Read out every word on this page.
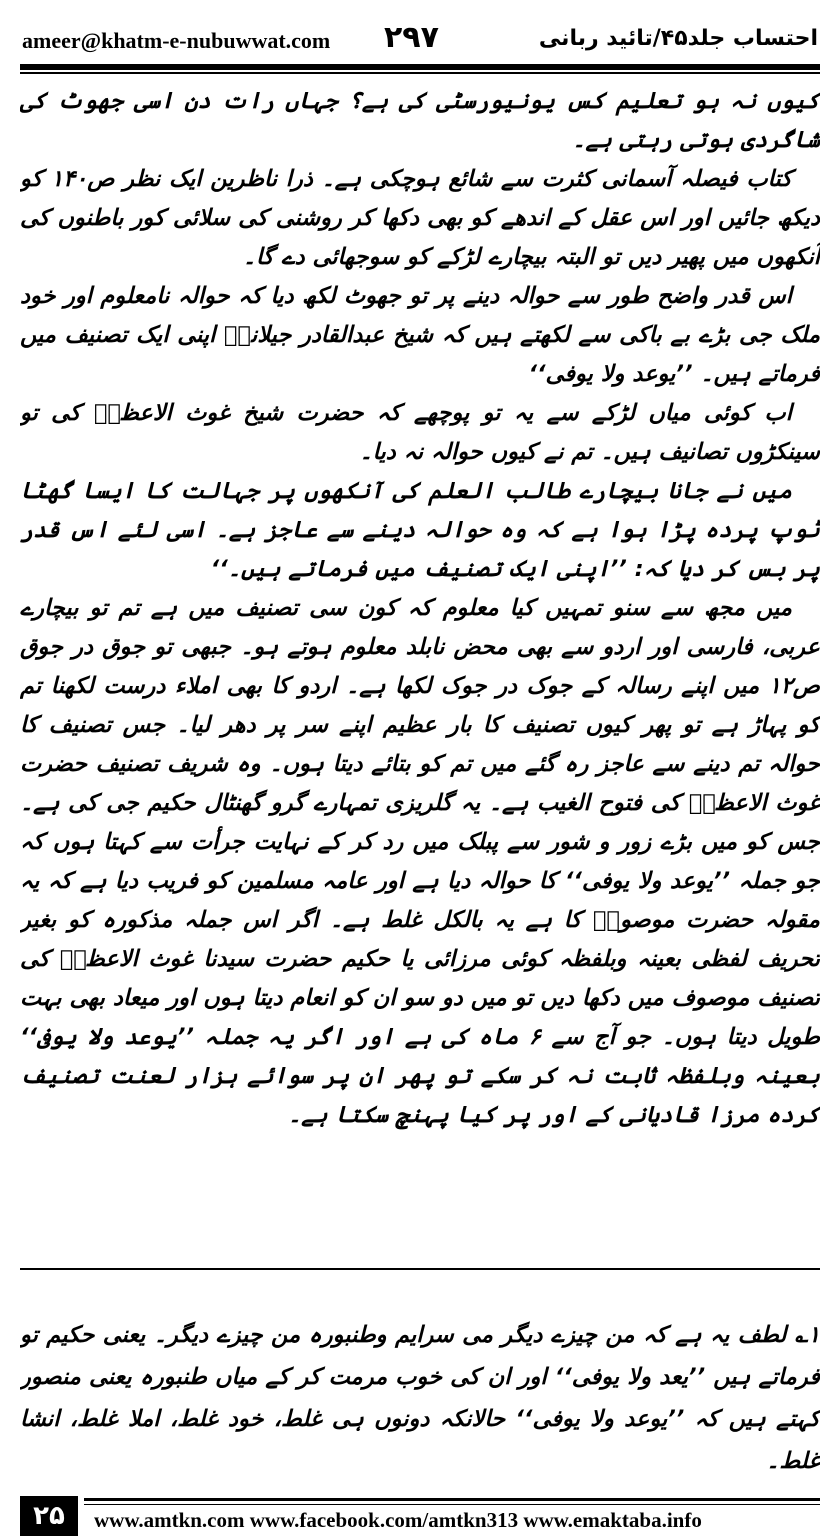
ameer@khatm-e-nubuwwat.com ۲۹۷	احتساب جلد۴۵/تائید ربانی

کیوں نہ ہو تعلیم کس یونیورسٹی کی ہے؟ جہاں رات دن اسی جھوٹ کی شاگردی ہوتی رہتی ہے۔

کتاب فیصلہ آسمانی کثرت سے شائع ہوچکی ہے۔ ذرا ناظرین ایک نظر ص۱۴۰ کو دیکھ جائیں اور اس عقل کے اندھے کو بھی دکھا کر روشنی کی سلائی کور باطنوں کی آنکھوں میں پھیر دیں تو البتہ بیچارے لڑکے کو سوجھائی دے گا۔

اس قدر واضح طور سے حوالہ دینے پر تو جھوٹ لکھ دیا کہ حوالہ نامعلوم اور خود ملک جی بڑے بے باکی سے لکھتے ہیں کہ شیخ عبدالقادر جیلانیؒ اپنی ایک تصنیف میں فرماتے ہیں۔ ’’یوعد ولا یوفی‘‘

اب کوئی میاں لڑکے سے یہ تو پوچھے کہ حضرت شیخ غوث الاعظمؒ کی تو سینکڑوں تصانیف ہیں۔ تم نے کیوں حوالہ نہ دیا۔

میں نے جانا بیچارے طالب العلم کی آنکھوں پر جہالت کا ایسا گھٹا ٹوپ پردہ پڑا ہوا ہے کہ وہ حوالہ دینے سے عاجز ہے۔ اسی لئے اس قدر پر بس کر دیا کہ: ’’اپنی ایک تصنیف میں فرماتے ہیں۔‘‘

میں مجھ سے سنو تمہیں کیا معلوم کہ کون سی تصنیف میں ہے تم تو بیچارے عربی، فارسی اور اردو سے بھی محض نابلد معلوم ہوتے ہو۔ جبھی تو جوق در جوق ص۱۲ میں اپنے رسالہ کے جوک در جوک لکھا ہے۔ اردو کا بھی املاء درست لکھنا تم کو پہاڑ ہے تو پھر کیوں تصنیف کا بار عظیم اپنے سر پر دھر لیا۔ جس تصنیف کا حوالہ تم دینے سے عاجز رہ گئے میں تم کو بتائے دیتا ہوں۔ وہ شریف تصنیف حضرت غوث الاعظمؒ کی فتوح الغیب ہے۔ یہ گلریزی تمہارے گرو گھنٹال حکیم جی کی ہے۔ جس کو میں بڑے زور و شور سے پبلک میں رد کر کے نہایت جرأت سے کہتا ہوں کہ جو جملہ ’’یوعد ولا یوفی‘‘ کا حوالہ دیا ہے اور عامہ مسلمین کو فریب دیا ہے کہ یہ مقولہ حضرت موصوفؒ کا ہے یہ بالکل غلط ہے۔ اگر اس جملہ مذکورہ کو بغیر تحریف لفظی بعینہ وبلفظہ کوئی مرزائی یا حکیم حضرت سیدنا غوث الاعظمؒ کی تصنیف موصوف میں دکھا دیں تو میں دو سو ان کو انعام دیتا ہوں اور میعاد بھی بہت طویل دیتا ہوں۔ جو آج سے ۶ ماہ کی ہے اور اگر یہ جملہ ’’یوعد ولا یوفی‘‘ بعینہ وبلفظہ ثابت نہ کر سکے تو پھر ان پر سوائے ہزار لعنت تصنیف کردہ مرزا قادیانی کے اور پر کیا پہنچ سکتا ہے۔

۱؎ لطف یہ ہے کہ من چیزے دیگر می سرایم وطنبورہ من چیزے دیگر۔ یعنی حکیم تو فرماتے ہیں ’’یعد ولا یوفی‘‘ اور ان کی خوب مرمت کر کے میاں طنبورہ یعنی منصور کہتے ہیں کہ ’’یوعد ولا یوفی‘‘ حالانکہ دونوں ہی غلط، خود غلط، املا غلط، انشا غلط۔

۲۵	www.amtkn.com www.facebook.com/amtkn313 www.emaktaba.info
